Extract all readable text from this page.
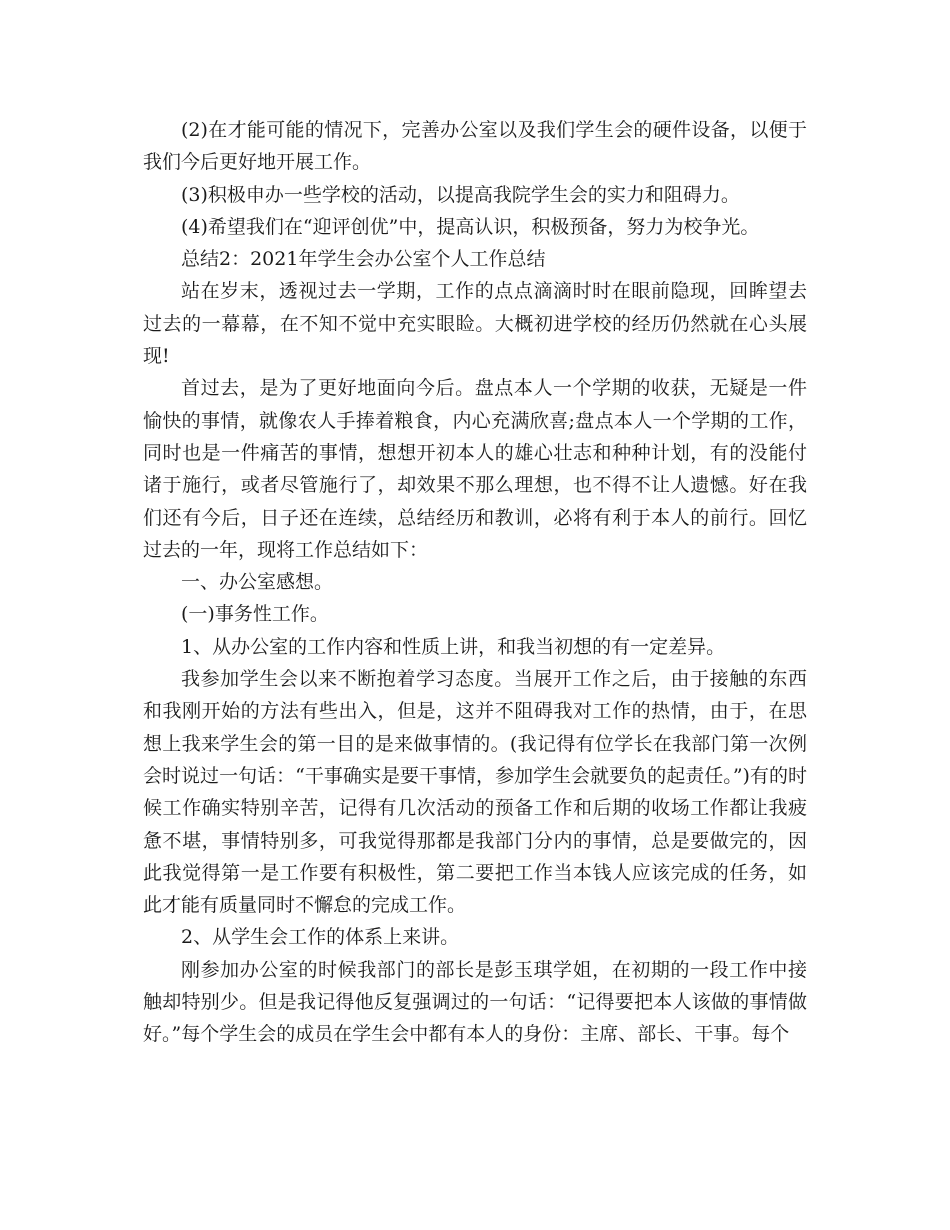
(2)在才能可能的情况下，完善办公室以及我们学生会的硬件设备，以便于我们今后更好地开展工作。

(3)积极申办一些学校的活动，以提高我院学生会的实力和阻碍力。

(4)希望我们在“迎评创优”中，提高认识，积极预备，努力为校争光。

总结2：2021年学生会办公室个人工作总结

站在岁末，透视过去一学期，工作的点点滴滴时时在眼前隐现，回眸望去过去的一幕幕，在不知不觉中充实眼睑。大概初进学校的经历仍然就在心头展现!

首过去，是为了更好地面向今后。盘点本人一个学期的收获，无疑是一件愉快的事情，就像农人手捧着粮食，内心充满欣喜;盘点本人一个学期的工作，同时也是一件痛苦的事情，想想开初本人的雄心壮志和种种计划，有的没能付诸于施行，或者尽管施行了，却效果不那么理想，也不得不让人遗憾。好在我们还有今后，日子还在连续，总结经历和教训，必将有利于本人的前行。回忆过去的一年，现将工作总结如下：

一、办公室感想。

(一)事务性工作。

1、从办公室的工作内容和性质上讲，和我当初想的有一定差异。

我参加学生会以来不断抱着学习态度。当展开工作之后，由于接触的东西和我刚开始的方法有些出入，但是，这并不阻碍我对工作的热情，由于，在思想上我来学生会的第一目的是来做事情的。(我记得有位学长在我部门第一次例会时说过一句话：“干事确实是要干事情，参加学生会就要负的起责任。”)有的时候工作确实特别辛苦，记得有几次活动的预备工作和后期的收场工作都让我疲惫不堪，事情特别多，可我觉得那都是我部门分内的事情，总是要做完的，因此我觉得第一是工作要有积极性，第二要把工作当本钱人应该完成的任务，如此才能有质量同时不懈怠的完成工作。

2、从学生会工作的体系上来讲。

刚参加办公室的时候我部门的部长是彭玉琪学姐，在初期的一段工作中接触却特别少。但是我记得他反复强调过的一句话：“记得要把本人该做的事情做好。”每个学生会的成员在学生会中都有本人的身份：主席、部长、干事。每个
